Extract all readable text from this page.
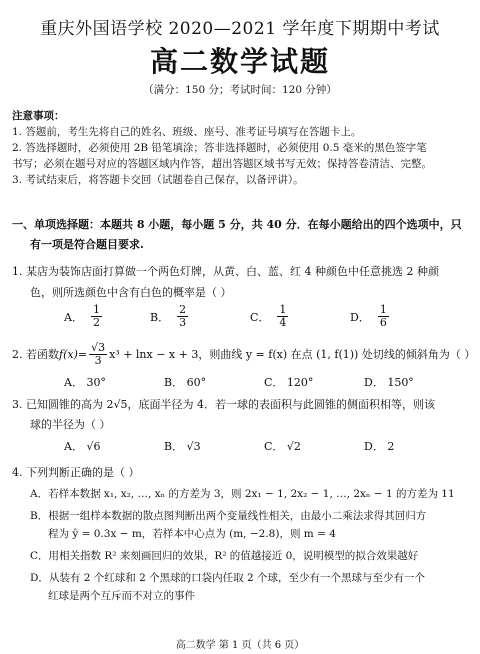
重庆外国语学校 2020—2021 学年度下期期中考试
高二数学试题
（满分：150 分；考试时间：120 分钟）
注意事项：
1. 答题前，考生先将自己的姓名、班级、座号、准考证号填写在答题卡上。
2. 答选择题时，必须使用 2B 铅笔填涂；答非选择题时，必须使用 0.5 毫米的黑色签字笔
书写；必须在题号对应的答题区域内作答，超出答题区域书写无效；保持答卷清洁、完整。
3. 考试结束后，将答题卡交回（试题卷自己保存，以备评讲）。
一、单项选择题：本题共 8 小题，每小题 5 分，共 40 分．在每小题给出的四个选项中，只
有一项是符合题目要求.
1. 某店为装饰店面打算做一个两色灯牌，从黄、白、蓝、红 4 种颜色中任意挑选 2 种颜
色，则所选颜色中含有白色的概率是（ ）
A． $\frac{1}{2}$	B． $\frac{2}{3}$	C． $\frac{1}{4}$	D． $\frac{1}{6}$
2. 若函数 $f(x)= \frac{√3}{3} x^3 + \ln x - x + 3$，则曲线 y = f(x) 在点 (1, f(1)) 处切线的倾斜角为（ ）
A． 30°	B． 60°	C． 120°	D． 150°
3. 已知圆锥的高为 2√5，底面半径为 4．若一球的表面积与此圆锥的侧面积相等，则该
球的半径为（ ）
A． √6	B． √3	C． √2	D． 2
4. 下列判断正确的是（ ）
A．若样本数据 x₁, x₂, …, xₙ 的方差为 3，则 2x₁ − 1, 2x₂ − 1, …, 2xₙ − 1 的方差为 11
B．根据一组样本数据的散点图判断出两个变量线性相关，由最小二乘法求得其回归方
程为 ŷ = 0.3x − m，若样本中心点为 (m, −2.8)，则 m = 4
C．用相关指数 R² 来刻画回归的效果，R² 的值越接近 0，说明模型的拟合效果越好
D．从装有 2 个红球和 2 个黑球的口袋内任取 2 个球，至少有一个黑球与至少有一个
红球是两个互斥而不对立的事件
高二数学 第 1 页（共 6 页）
